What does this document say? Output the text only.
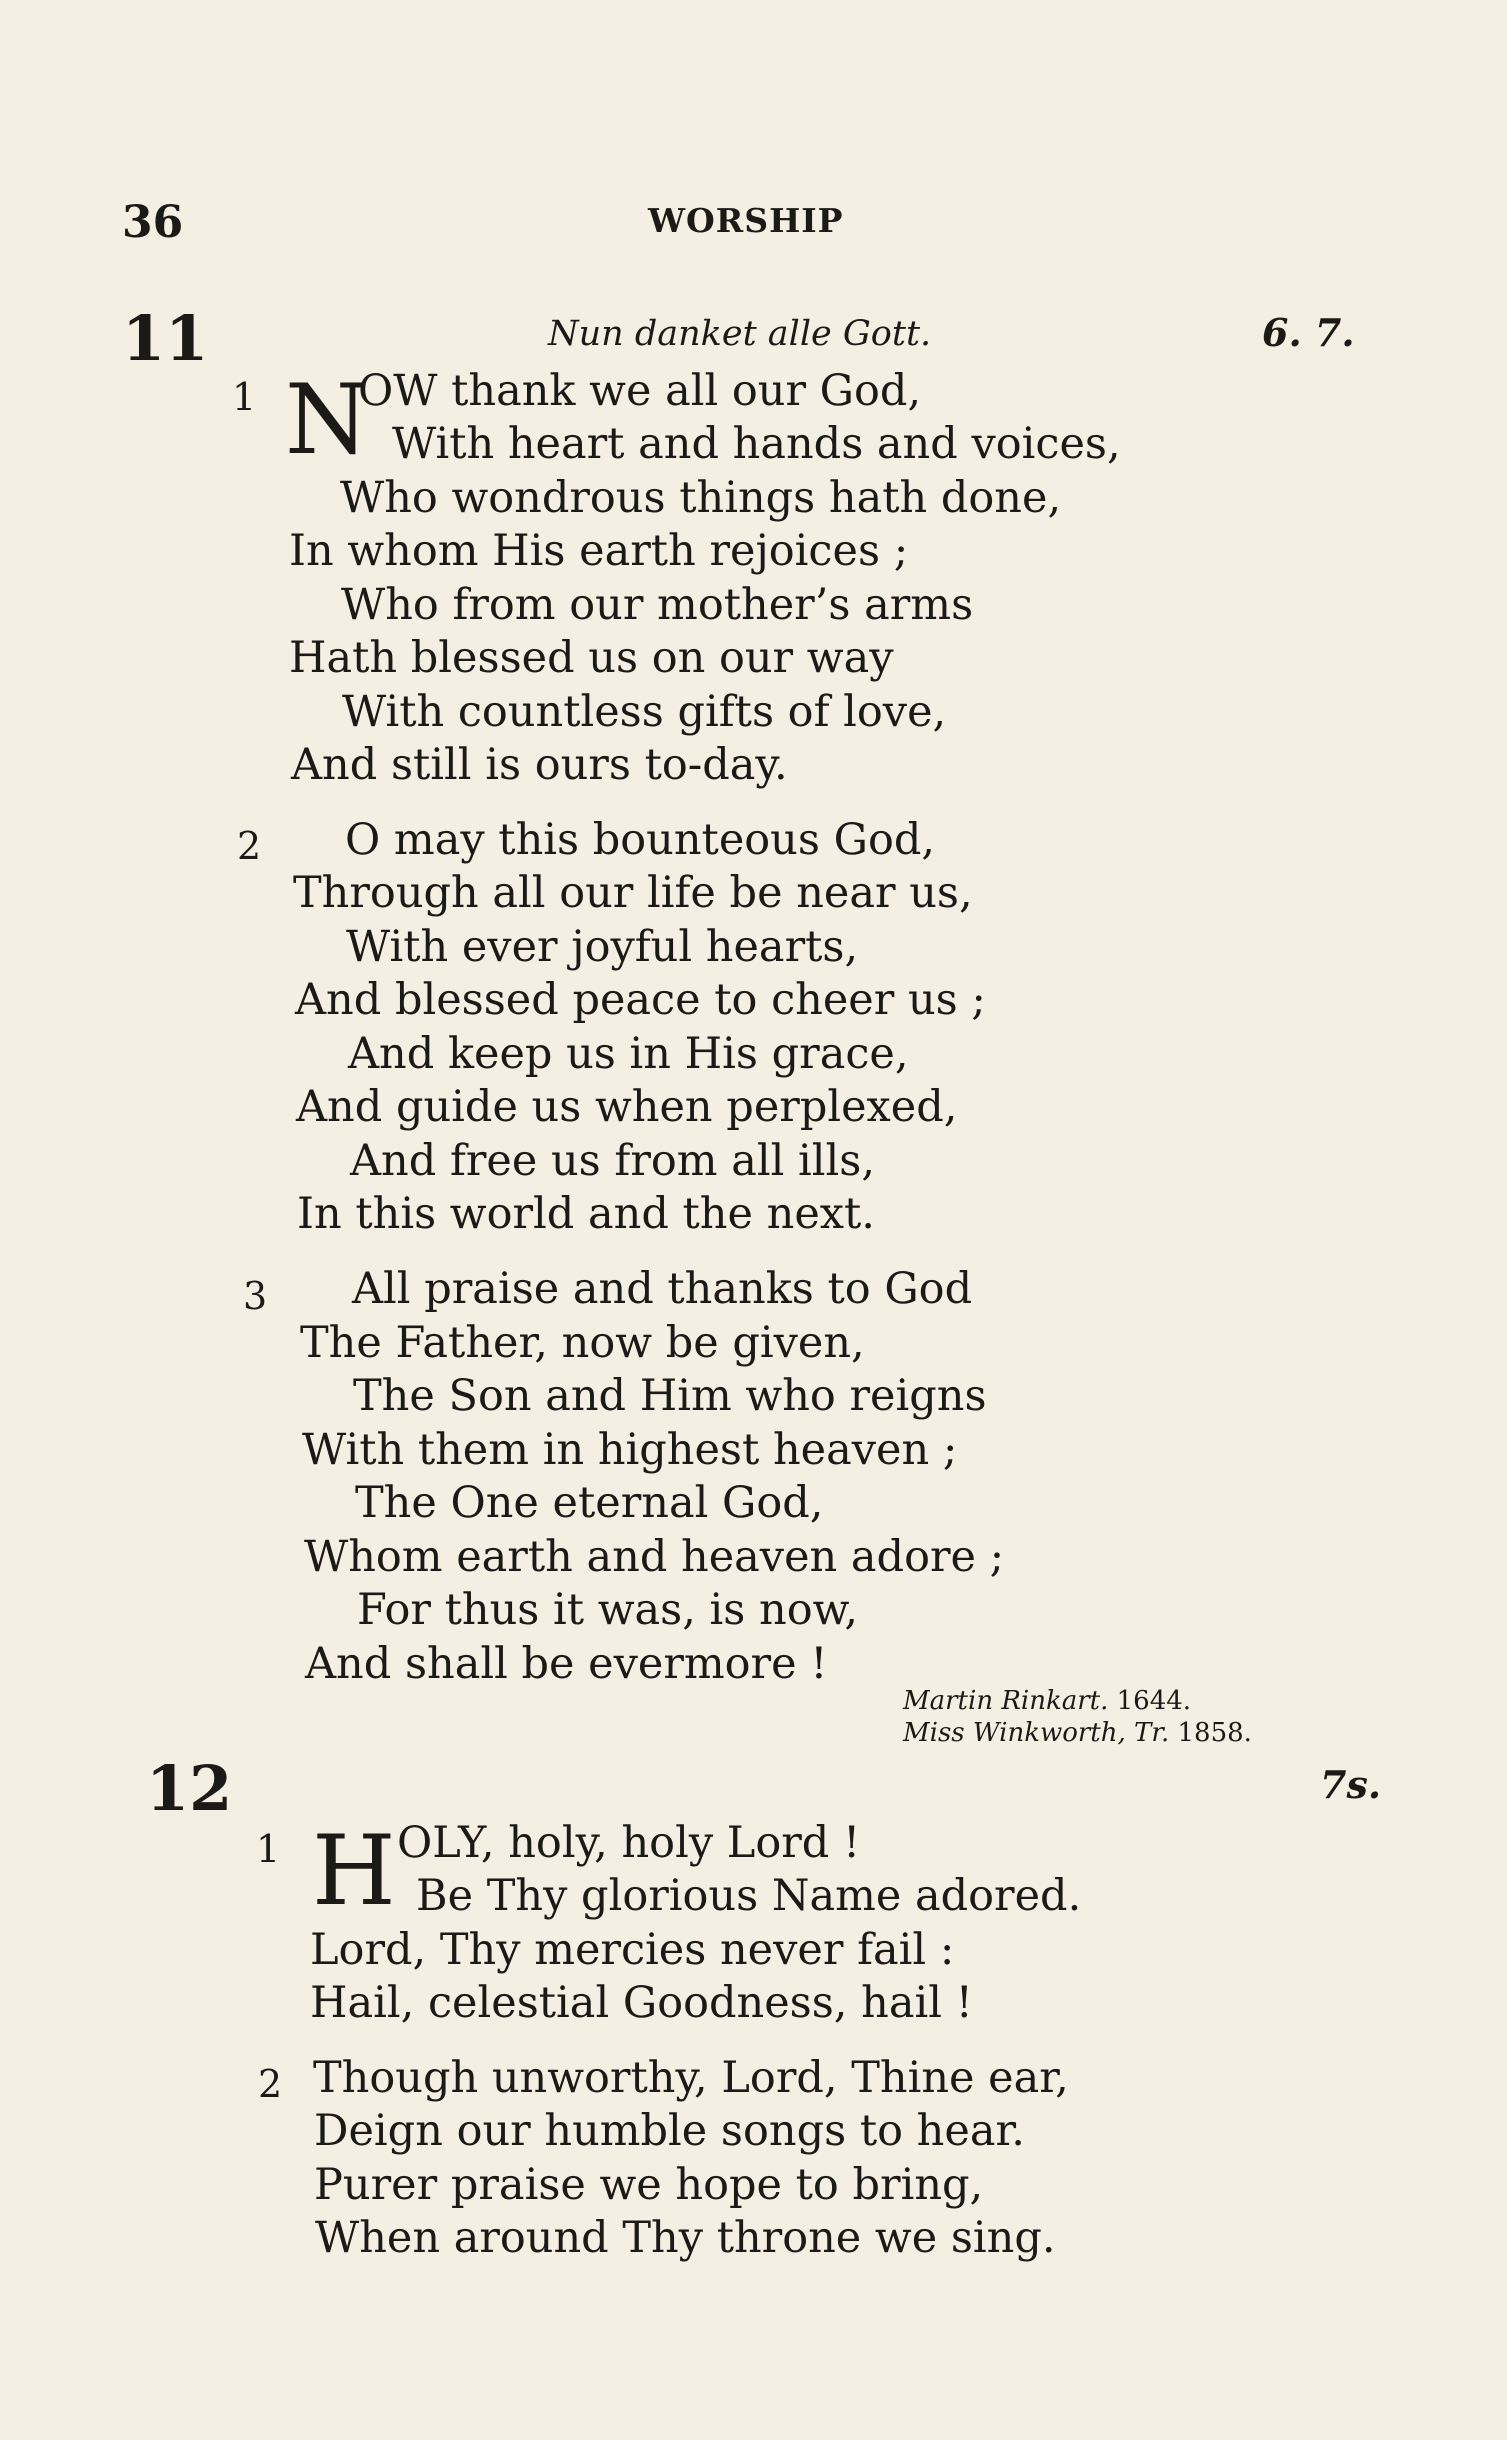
36	WORSHIP
11	Nun danket alle Gott.	6. 7.
1 N
OW thank we all our God,
With heart and hands and voices,
Who wondrous things hath done,
In whom His earth rejoices ;
Who from our mother’s arms
Hath blessed us on our way
With countless gifts of love,
And still is ours to-day.
2 O may this bounteous God,
Through all our life be near us,
With ever joyful hearts,
And blessed peace to cheer us ;
And keep us in His grace,
And guide us when perplexed,
And free us from all ills,
In this world and the next.
3 All praise and thanks to God
The Father, now be given,
The Son and Him who reigns
With them in highest heaven ;
The One eternal God,
Whom earth and heaven adore ;
For thus it was, is now,
And shall be evermore !
Martin Rinkart. 1644.
Miss Winkworth, Tr. 1858.
12	7s.
1 H OLY, holy, holy Lord !
Be Thy glorious Name adored.
Lord, Thy mercies never fail :
Hail, celestial Goodness, hail !
2 Though unworthy, Lord, Thine ear,
Deign our humble songs to hear.
Purer praise we hope to bring,
When around Thy throne we sing.
